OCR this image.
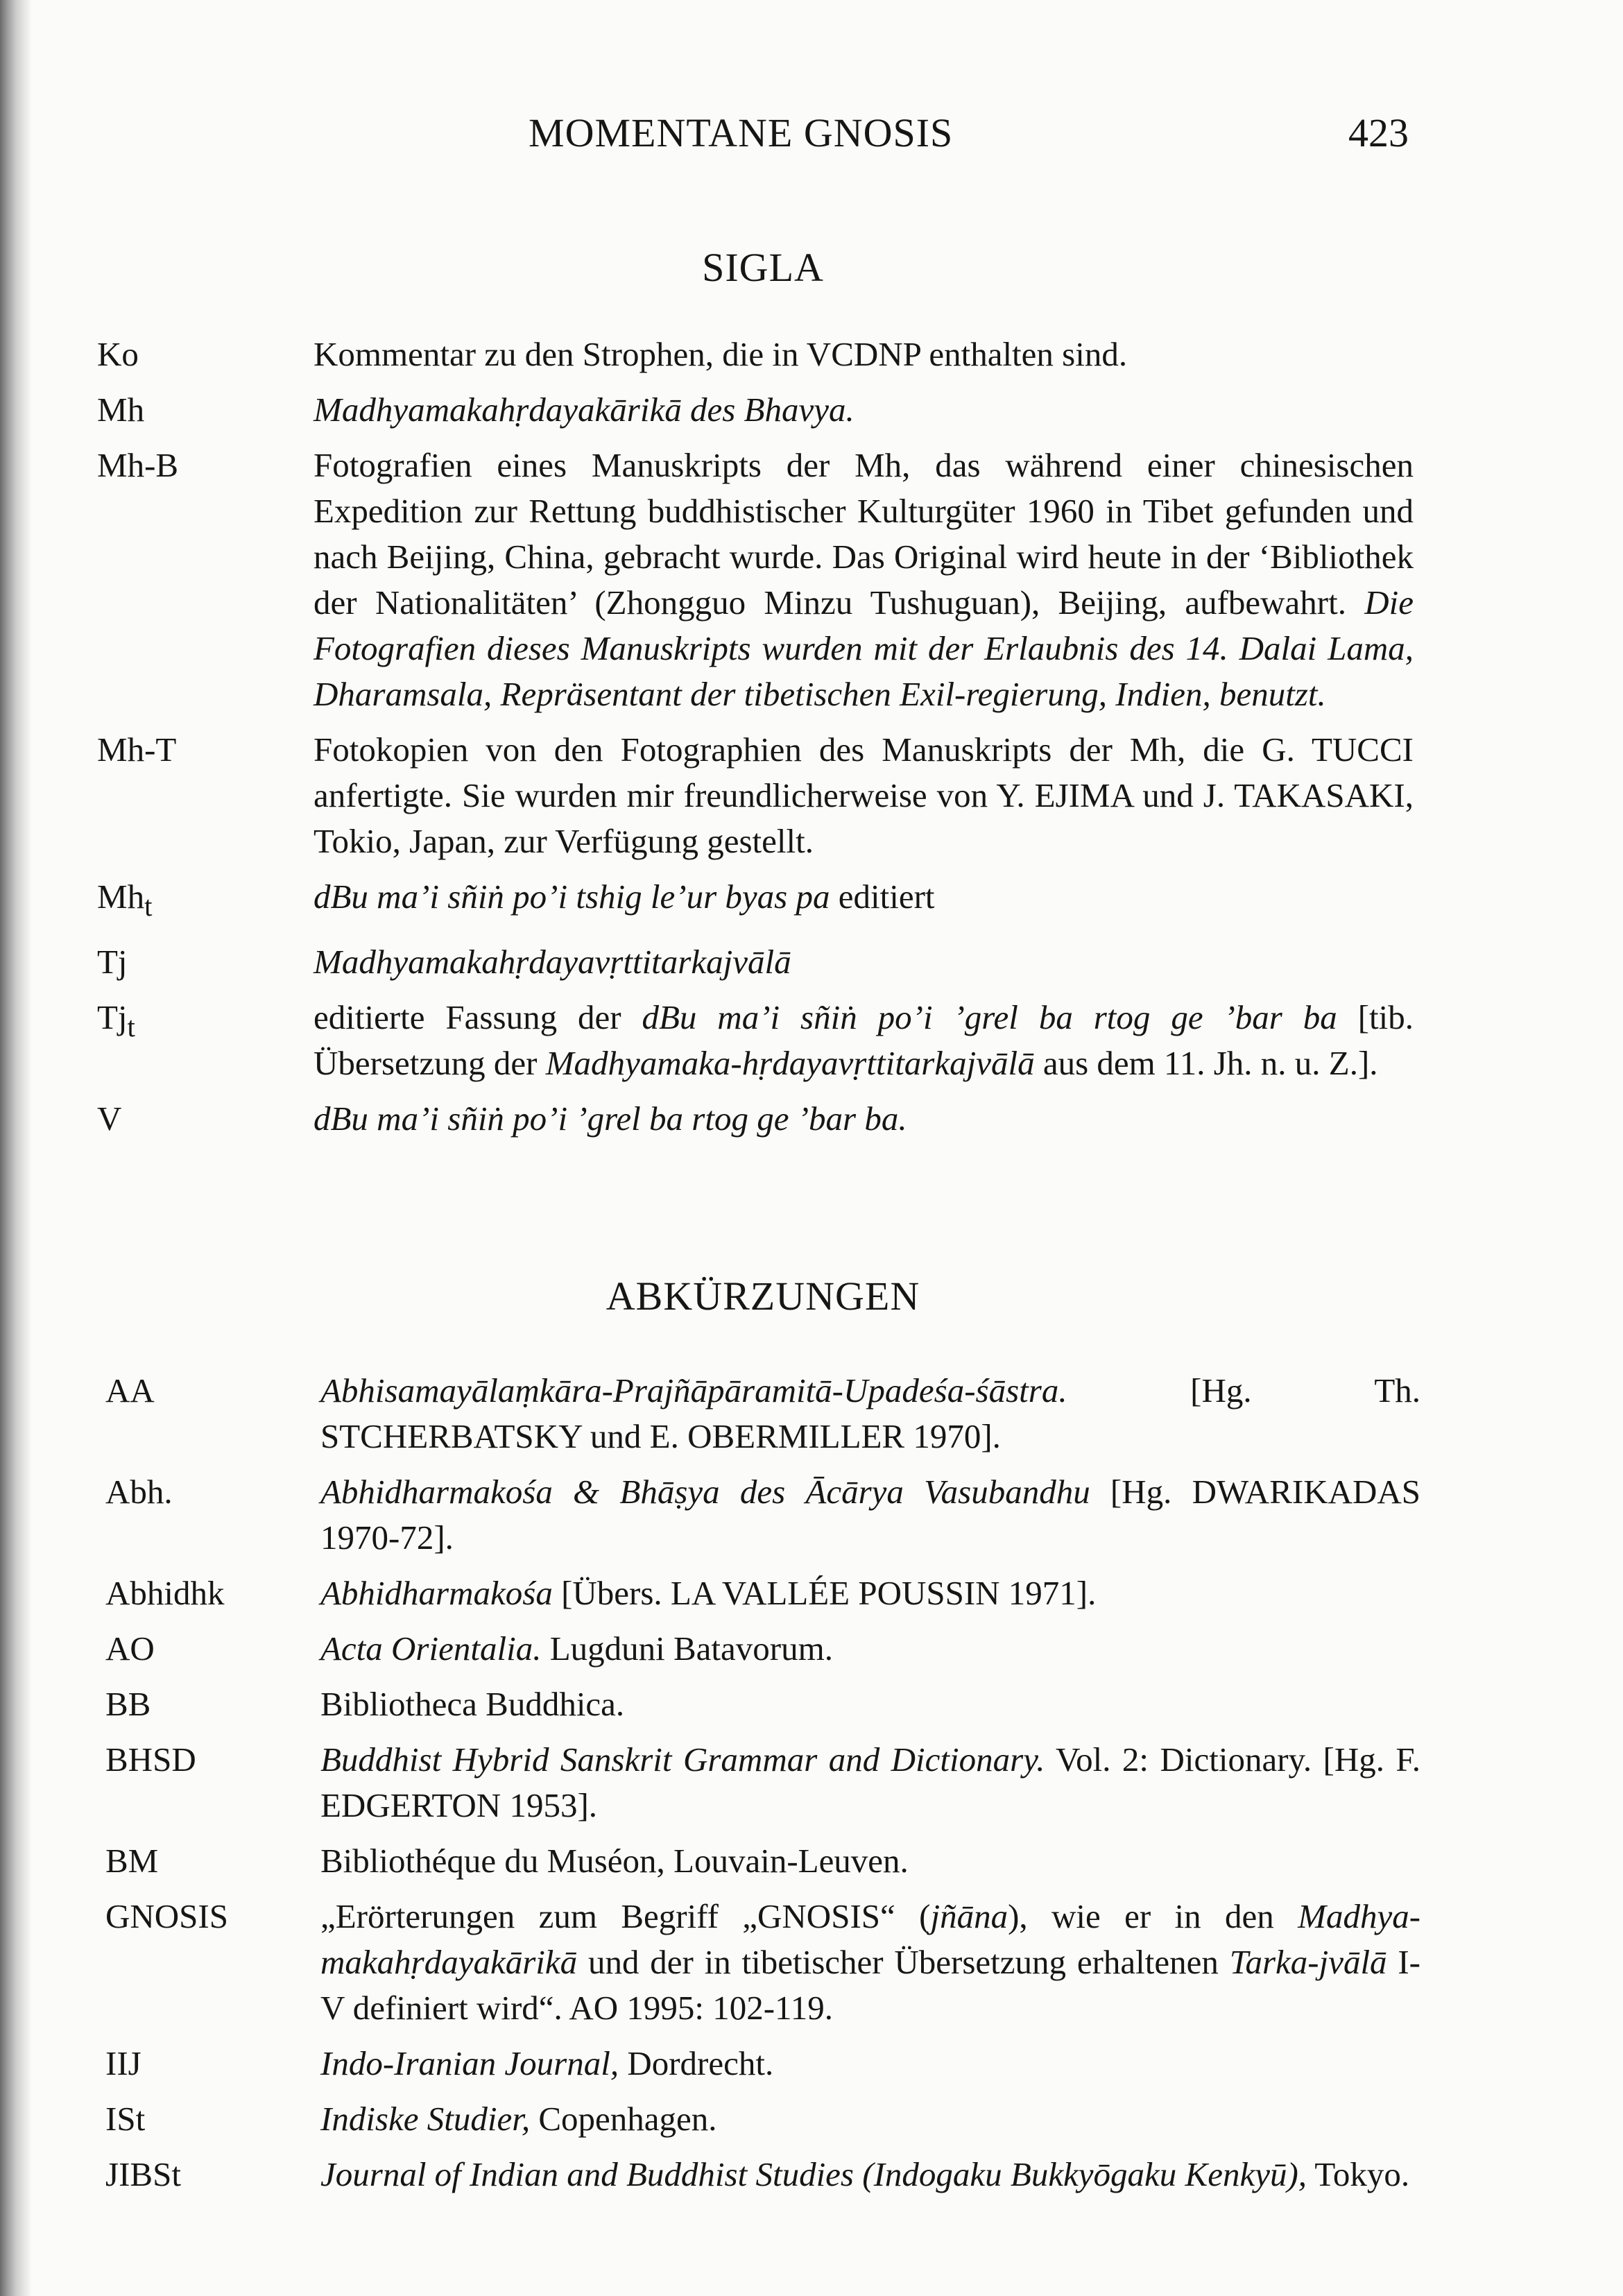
MOMENTANE GNOSIS	423
SIGLA
Ko	Kommentar zu den Strophen, die in VCDNP enthalten sind.
Mh	Madhyamakahṛdayakārikā des Bhavya.
Mh-B	Fotografien eines Manuskripts der Mh, das während einer chinesischen Expedition zur Rettung buddhistischer Kulturgüter 1960 in Tibet gefunden und nach Beijing, China, gebracht wurde. Das Original wird heute in der ‘Bibliothek der Nationalitäten’ (Zhongguo Minzu Tushuguan), Beijing, aufbewahrt. Die Fotografien dieses Manuskripts wurden mit der Erlaubnis des 14. Dalai Lama, Dharamsala, Repräsentant der tibetischen Exil-regierung, Indien, benutzt.
Mh-T	Fotokopien von den Fotographien des Manuskripts der Mh, die G. TUCCI anfertigte. Sie wurden mir freundlicherweise von Y. EJIMA und J. TAKASAKI, Tokio, Japan, zur Verfügung gestellt.
$Mh_t$	dBu ma’i sñiṅ po’i tshig le’ur byas pa editiert
Tj	Madhyamakahṛdayavṛttitarkajvālā
$Tj_t$	editierte Fassung der dBu ma’i sñiṅ po’i ’grel ba rtog ge ’bar ba [tib. Übersetzung der Madhyamaka-hṛdayavṛttitarkajvālā aus dem 11. Jh. n. u. Z.].
V	dBu ma’i sñiṅ po’i ’grel ba rtog ge ’bar ba.
ABKÜRZUNGEN
AA	Abhisamayālaṃkāra-Prajñāpāramitā-Upadeśa-śāstra. [Hg. Th. STCHERBATSKY und E. OBERMILLER 1970].
Abh.	Abhidharmakośa & Bhāṣya des Ācārya Vasubandhu [Hg. DWARIKADAS 1970-72].
Abhidhk	Abhidharmakośa [Übers. LA VALLÉE POUSSIN 1971].
AO	Acta Orientalia. Lugduni Batavorum.
BB	Bibliotheca Buddhica.
BHSD	Buddhist Hybrid Sanskrit Grammar and Dictionary. Vol. 2: Dictionary. [Hg. F. EDGERTON 1953].
BM	Bibliothéque du Muséon, Louvain-Leuven.
GNOSIS	„Erörterungen zum Begriff „GNOSIS“ (jñāna), wie er in den Madhya-makahṛdayakārikā und der in tibetischer Übersetzung erhaltenen Tarka-jvālā I-V definiert wird“. AO 1995: 102-119.
IIJ	Indo-Iranian Journal, Dordrecht.
ISt	Indiske Studier, Copenhagen.
JIBSt	Journal of Indian and Buddhist Studies (Indogaku Bukkyōgaku Kenkyū), Tokyo.
